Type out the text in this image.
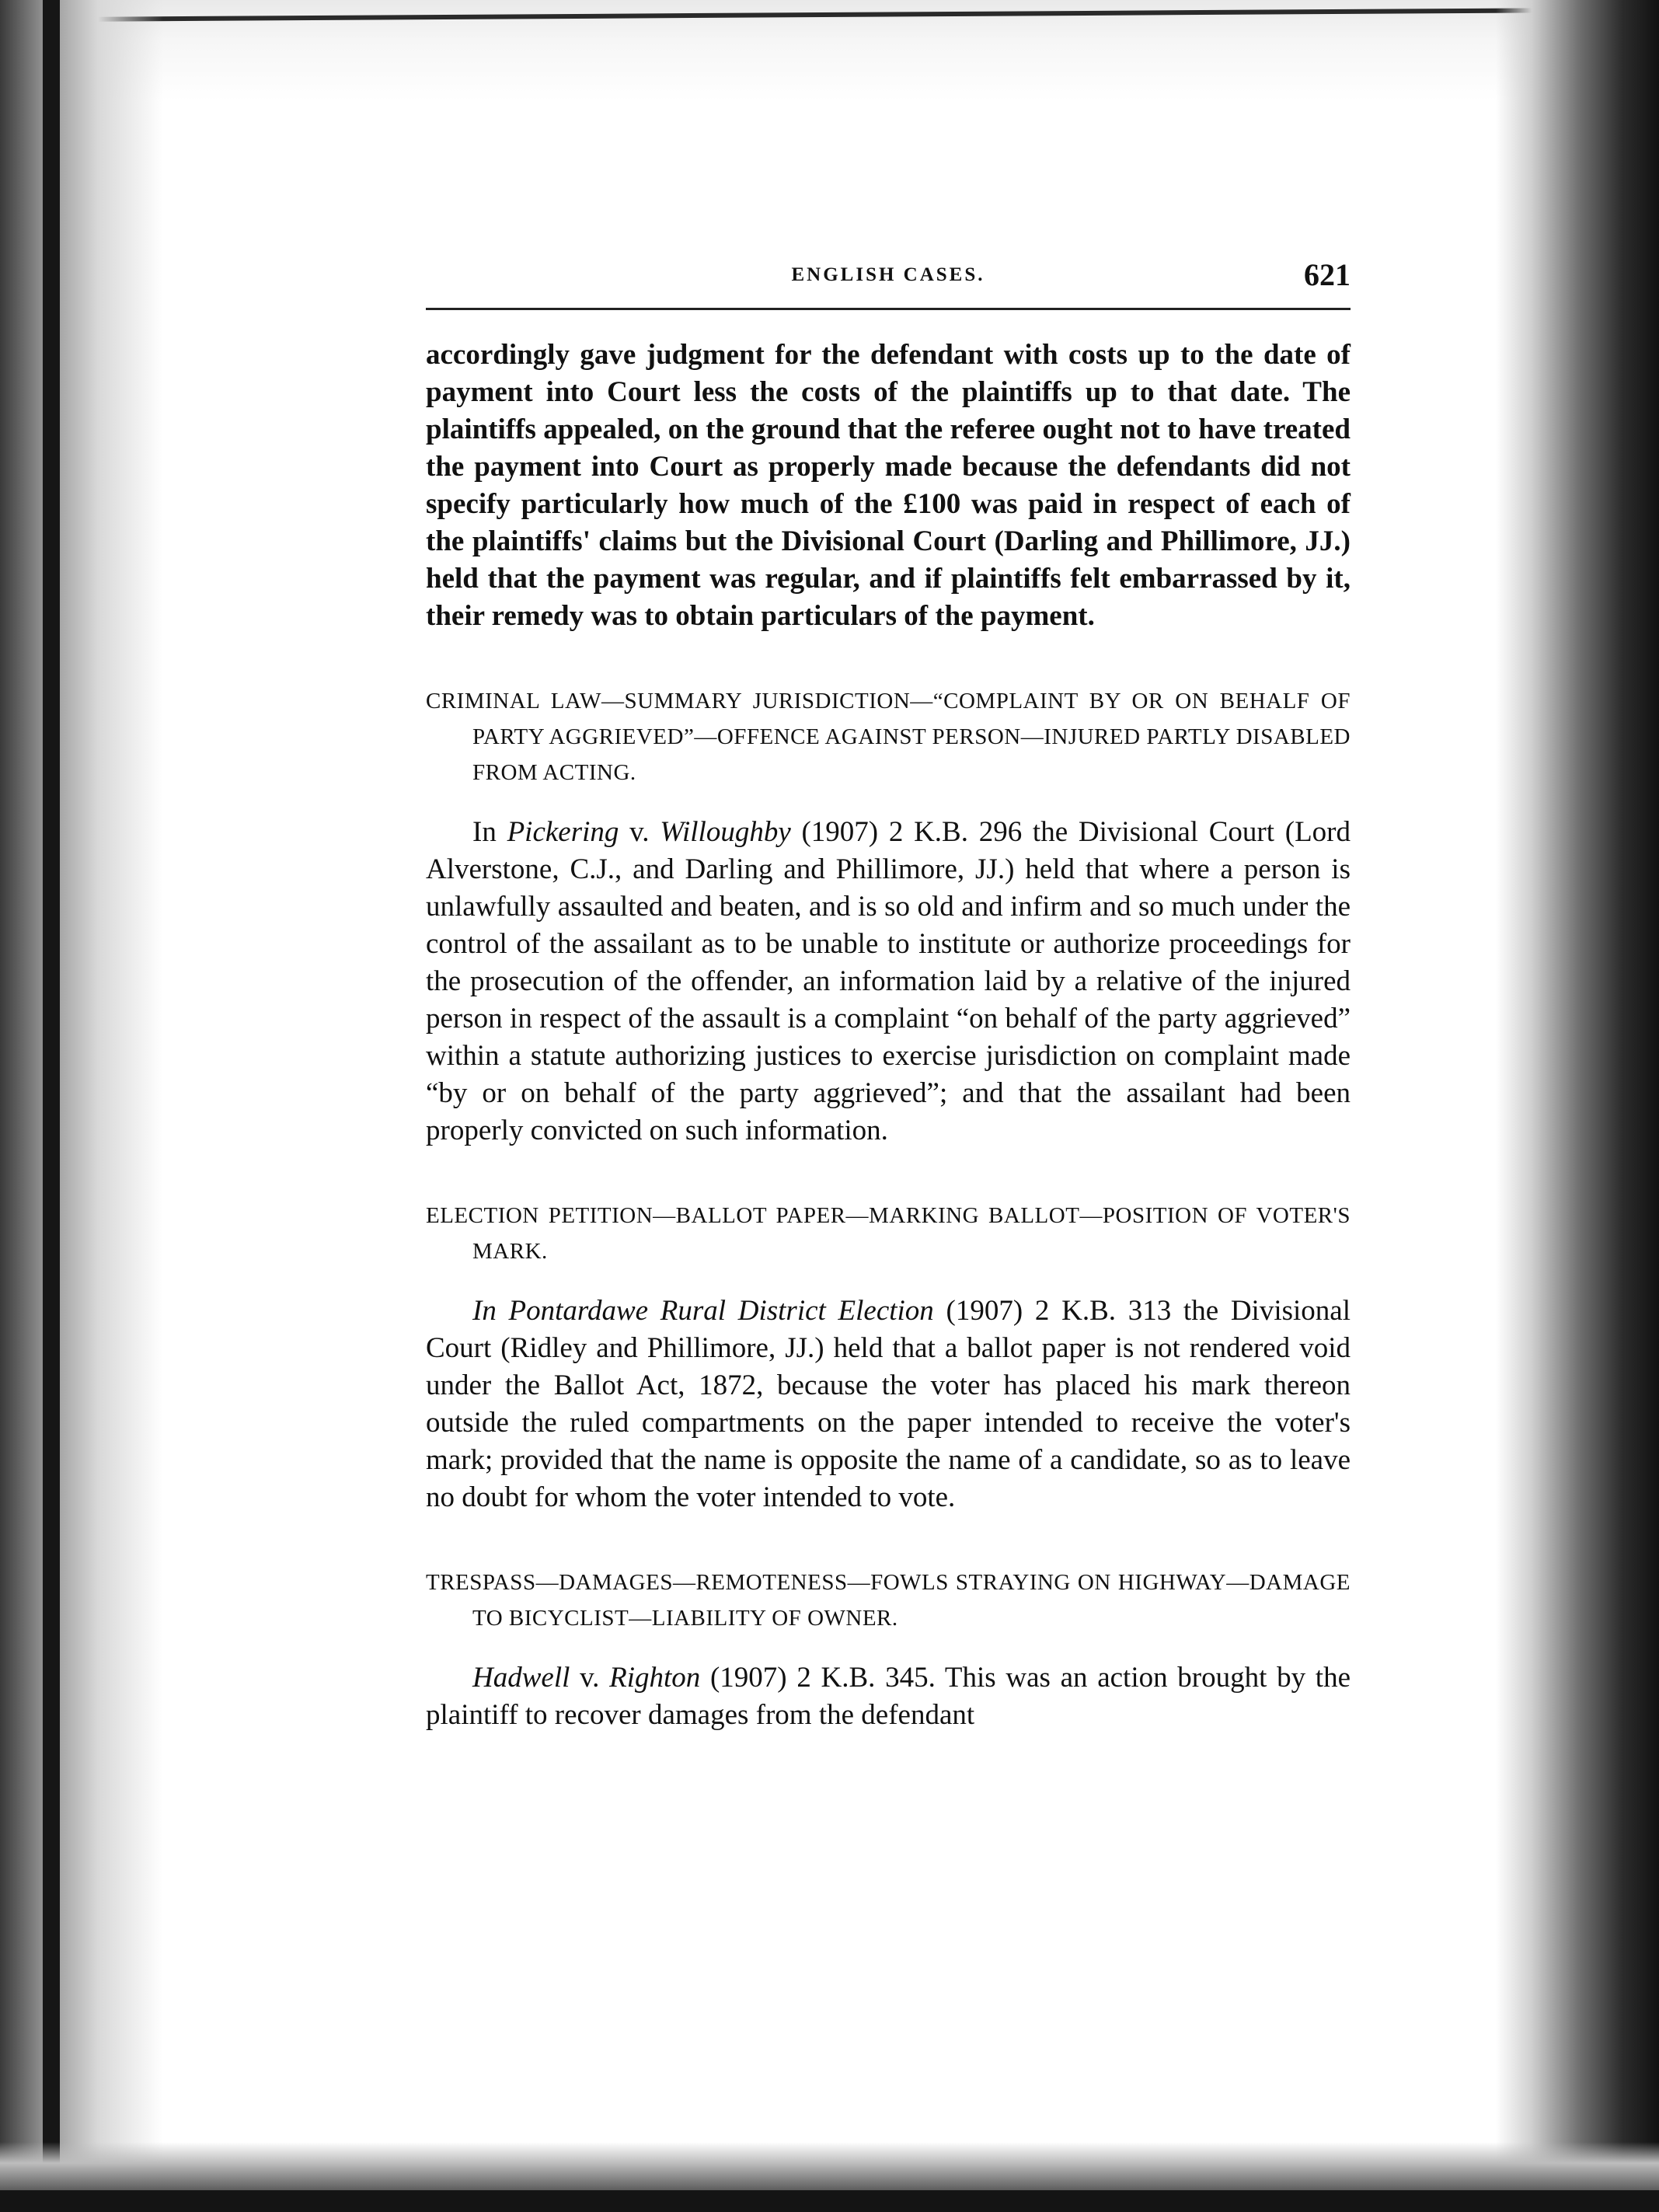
ENGLISH CASES.	621

accordingly gave judgment for the defendant with costs up to the date of payment into Court less the costs of the plaintiffs up to that date. The plaintiffs appealed, on the ground that the referee ought not to have treated the payment into Court as properly made because the defendants did not specify particularly how much of the £100 was paid in respect of each of the plaintiffs' claims but the Divisional Court (Darling and Phillimore, JJ.) held that the payment was regular, and if plaintiffs felt embarrassed by it, their remedy was to obtain particulars of the payment.

CRIMINAL LAW—SUMMARY JURISDICTION—“COMPLAINT BY OR ON BEHALF OF PARTY AGGRIEVED”—OFFENCE AGAINST PERSON—INJURED PARTLY DISABLED FROM ACTING.

In Pickering v. Willoughby (1907) 2 K.B. 296 the Divisional Court (Lord Alverstone, C.J., and Darling and Phillimore, JJ.) held that where a person is unlawfully assaulted and beaten, and is so old and infirm and so much under the control of the assailant as to be unable to institute or authorize proceedings for the prosecution of the offender, an information laid by a relative of the injured person in respect of the assault is a complaint “on behalf of the party aggrieved” within a statute authorizing justices to exercise jurisdiction on complaint made “by or on behalf of the party aggrieved”; and that the assailant had been properly convicted on such information.

ELECTION PETITION—BALLOT PAPER—MARKING BALLOT—POSITION OF VOTER'S MARK.

In Pontardawe Rural District Election (1907) 2 K.B. 313 the Divisional Court (Ridley and Phillimore, JJ.) held that a ballot paper is not rendered void under the Ballot Act, 1872, because the voter has placed his mark thereon outside the ruled compartments on the paper intended to receive the voter's mark; provided that the name is opposite the name of a candidate, so as to leave no doubt for whom the voter intended to vote.

TRESPASS—DAMAGES—REMOTENESS—FOWLS STRAYING ON HIGHWAY—DAMAGE TO BICYCLIST—LIABILITY OF OWNER.

Hadwell v. Righton (1907) 2 K.B. 345. This was an action brought by the plaintiff to recover damages from the defendant
